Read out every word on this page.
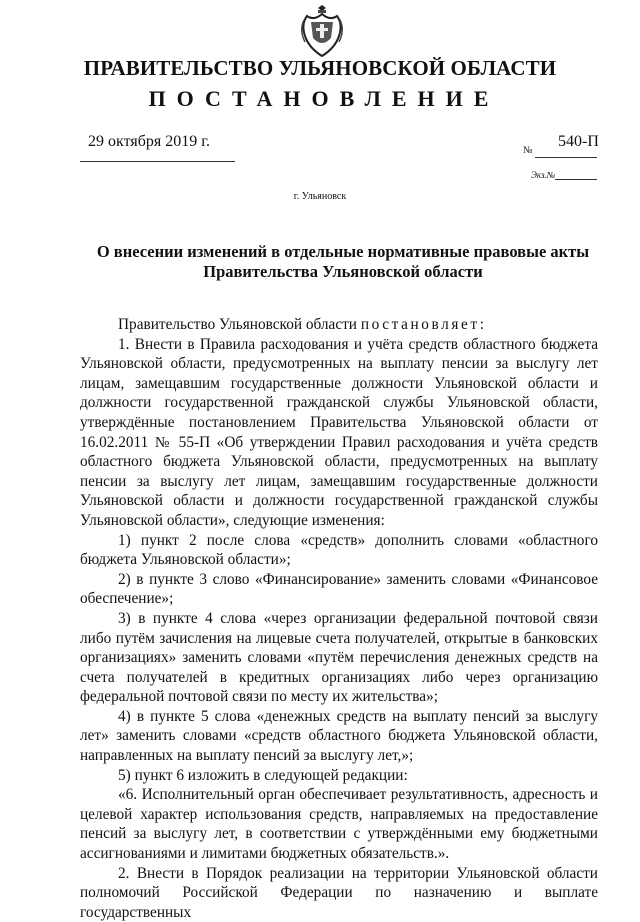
ПРАВИТЕЛЬСТВО УЛЬЯНОВСКОЙ ОБЛАСТИ
ПОСТАНОВЛЕНИЕ
29 октября 2019 г.
№
540-П
Экз.№
г. Ульяновск
О внесении изменений в отдельные нормативные правовые акты
Правительства Ульяновской области

Правительство Ульяновской области постановляет:

1. Внести в Правила расходования и учёта средств областного бюджета Ульяновской области, предусмотренных на выплату пенсии за выслугу лет лицам, замещавшим государственные должности Ульяновской области и должности государственной гражданской службы Ульяновской области, утверждённые постановлением Правительства Ульяновской области от 16.02.2011 № 55-П «Об утверждении Правил расходования и учёта средств областного бюджета Ульяновской области, предусмотренных на выплату пенсии за выслугу лет лицам, замещавшим государственные должности Ульяновской области и должности государственной гражданской службы Ульяновской области», следующие изменения:

1) пункт 2 после слова «средств» дополнить словами «областного бюджета Ульяновской области»;

2) в пункте 3 слово «Финансирование» заменить словами «Финансовое обеспечение»;

3) в пункте 4 слова «через организации федеральной почтовой связи либо путём зачисления на лицевые счета получателей, открытые в банковских организациях» заменить словами «путём перечисления денежных средств на счета получателей в кредитных организациях либо через организацию федеральной почтовой связи по месту их жительства»;

4) в пункте 5 слова «денежных средств на выплату пенсий за выслугу лет» заменить словами «средств областного бюджета Ульяновской области, направленных на выплату пенсий за выслугу лет,»;

5) пункт 6 изложить в следующей редакции:

«6. Исполнительный орган обеспечивает результативность, адресность и целевой характер использования средств, направляемых на предоставление пенсий за выслугу лет, в соответствии с утверждёнными ему бюджетными ассигнованиями и лимитами бюджетных обязательств.».

2. Внести в Порядок реализации на территории Ульяновской области полномочий Российской Федерации по назначению и выплате государственных
